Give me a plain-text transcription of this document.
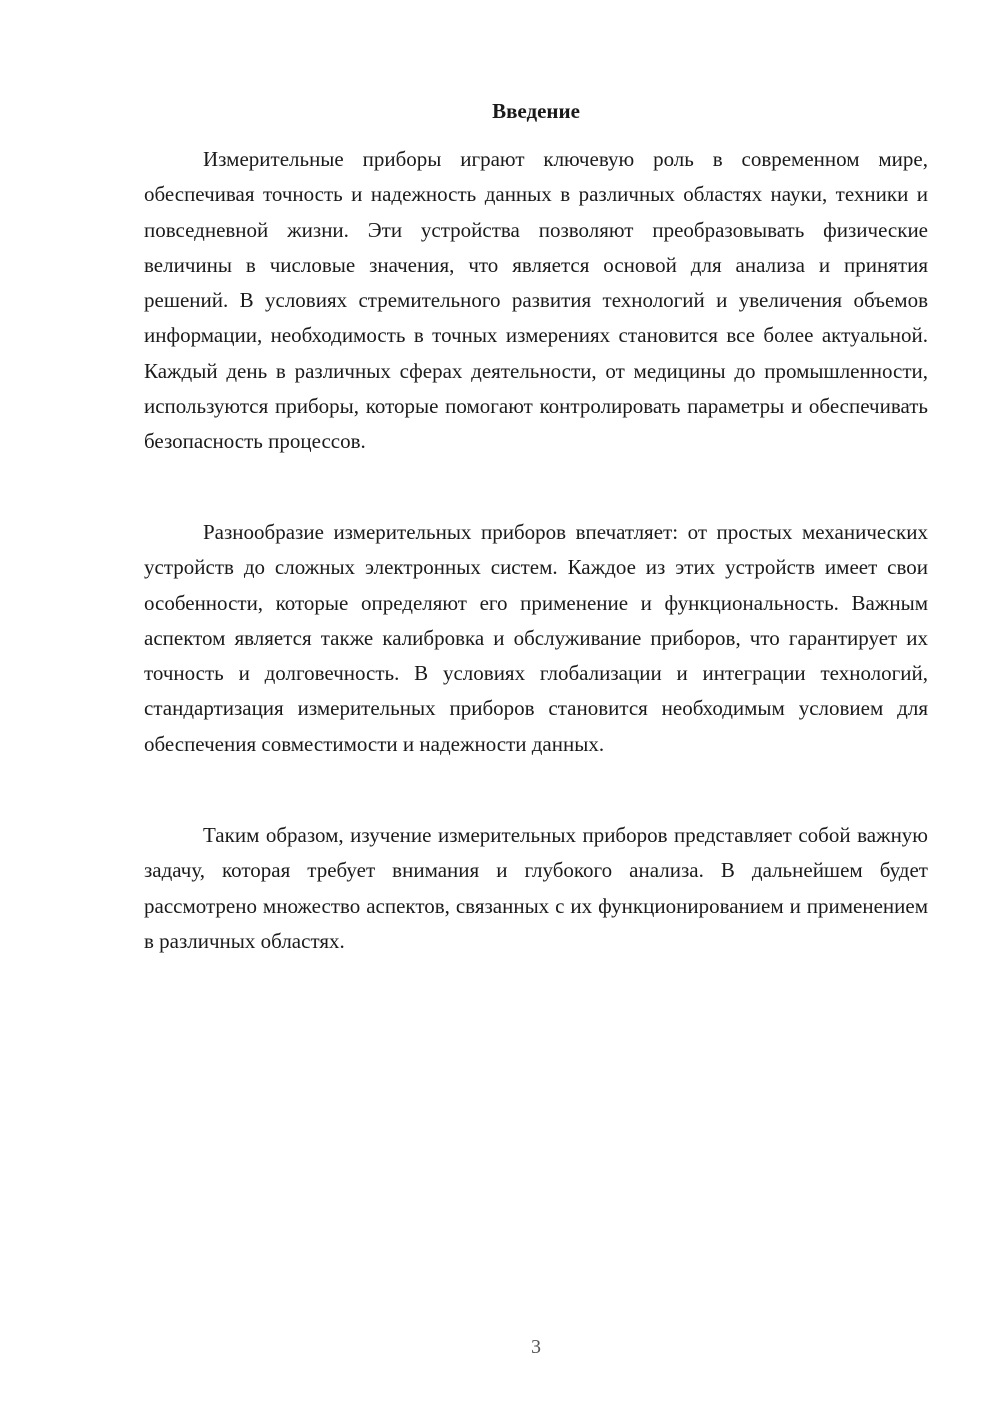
Введение

Измерительные приборы играют ключевую роль в современном мире, обеспечивая точность и надежность данных в различных областях науки, техники и повседневной жизни. Эти устройства позволяют преобразовывать физические величины в числовые значения, что является основой для анализа и принятия решений. В условиях стремительного развития технологий и увеличения объемов информации, необходимость в точных измерениях становится все более актуальной. Каждый день в различных сферах деятельности, от медицины до промышленности, используются приборы, которые помогают контролировать параметры и обеспечивать безопасность процессов.

Разнообразие измерительных приборов впечатляет: от простых механических устройств до сложных электронных систем. Каждое из этих устройств имеет свои особенности, которые определяют его применение и функциональность. Важным аспектом является также калибровка и обслуживание приборов, что гарантирует их точность и долговечность. В условиях глобализации и интеграции технологий, стандартизация измерительных приборов становится необходимым условием для обеспечения совместимости и надежности данных.

Таким образом, изучение измерительных приборов представляет собой важную задачу, которая требует внимания и глубокого анализа. В дальнейшем будет рассмотрено множество аспектов, связанных с их функционированием и применением в различных областях.

3
